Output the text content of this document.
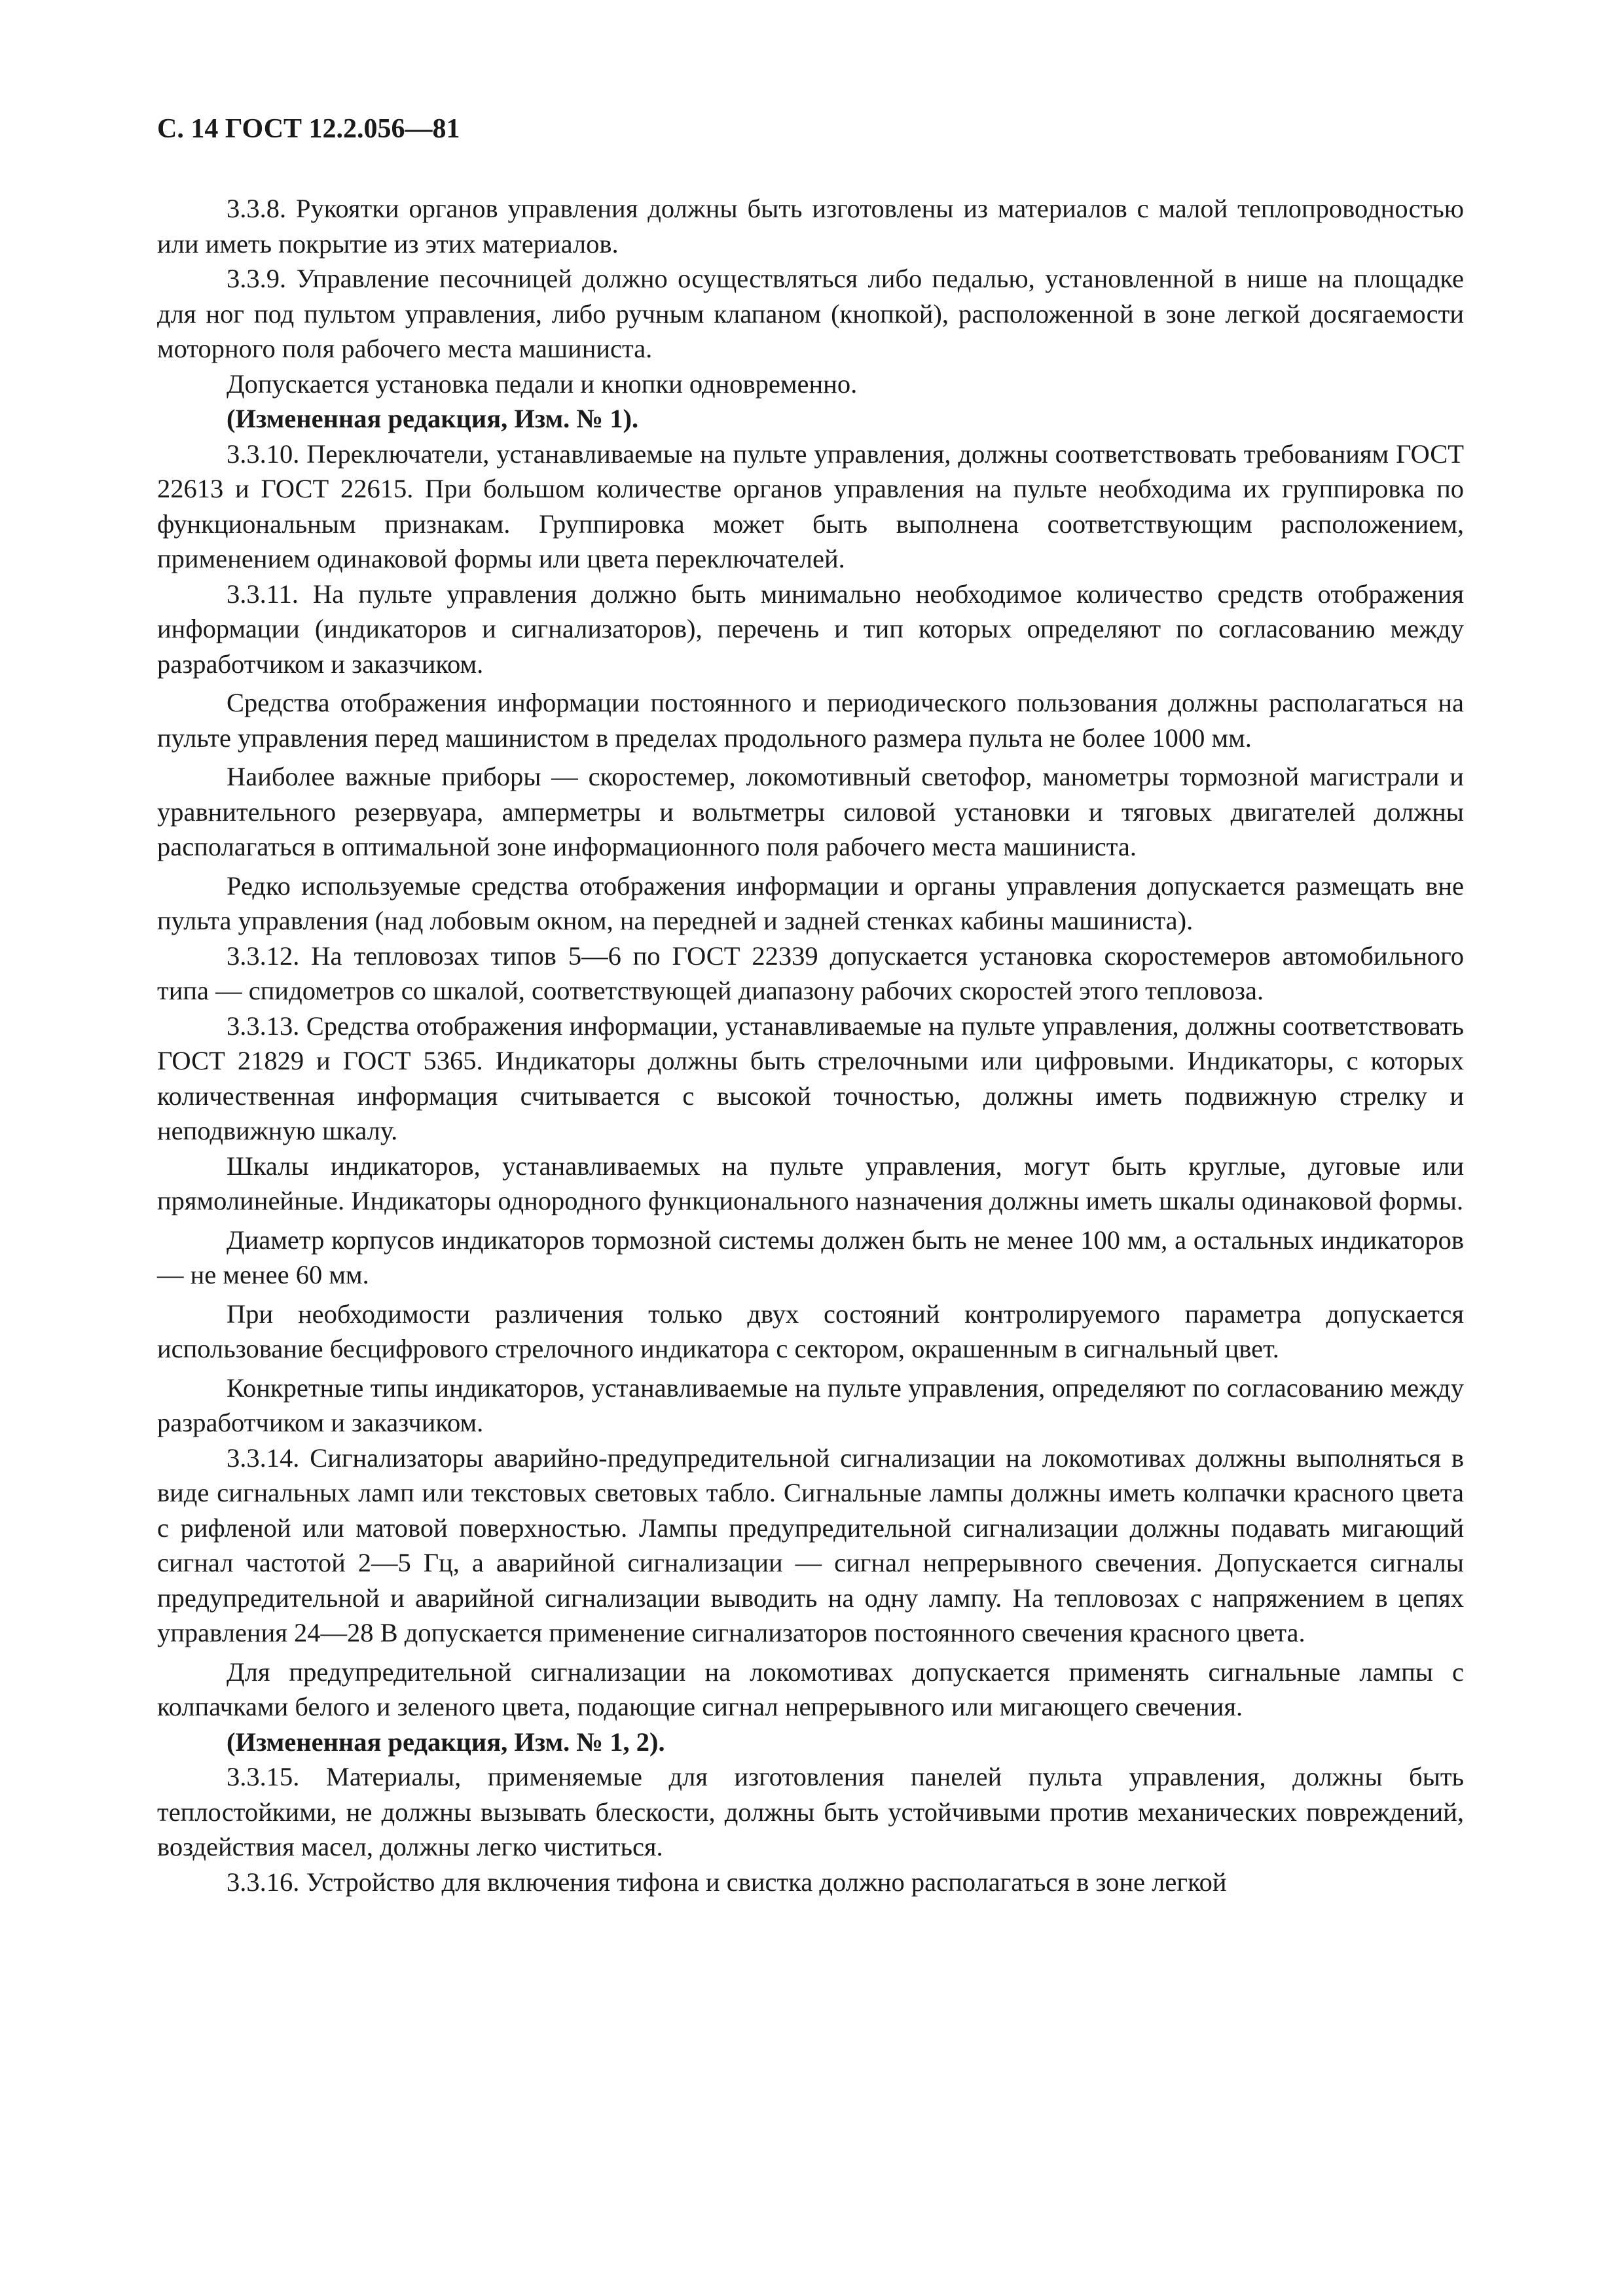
С. 14 ГОСТ 12.2.056—81

3.3.8. Рукоятки органов управления должны быть изготовлены из материалов с малой теплопроводностью или иметь покрытие из этих материалов.

3.3.9. Управление песочницей должно осуществляться либо педалью, установленной в нише на площадке для ног под пультом управления, либо ручным клапаном (кнопкой), расположенной в зоне легкой досягаемости моторного поля рабочего места машиниста.

Допускается установка педали и кнопки одновременно.

(Измененная редакция, Изм. № 1).

3.3.10. Переключатели, устанавливаемые на пульте управления, должны соответствовать требованиям ГОСТ 22613 и ГОСТ 22615. При большом количестве органов управления на пульте необходима их группировка по функциональным признакам. Группировка может быть выполнена соответствующим расположением, применением одинаковой формы или цвета переключателей.

3.3.11. На пульте управления должно быть минимально необходимое количество средств отображения информации (индикаторов и сигнализаторов), перечень и тип которых определяют по согласованию между разработчиком и заказчиком.

Средства отображения информации постоянного и периодического пользования должны располагаться на пульте управления перед машинистом в пределах продольного размера пульта не более 1000 мм.

Наиболее важные приборы — скоростемер, локомотивный светофор, манометры тормозной магистрали и уравнительного резервуара, амперметры и вольтметры силовой установки и тяговых двигателей должны располагаться в оптимальной зоне информационного поля рабочего места машиниста.

Редко используемые средства отображения информации и органы управления допускается размещать вне пульта управления (над лобовым окном, на передней и задней стенках кабины машиниста).

3.3.12. На тепловозах типов 5—6 по ГОСТ 22339 допускается установка скоростемеров автомобильного типа — спидометров со шкалой, соответствующей диапазону рабочих скоростей этого тепловоза.

3.3.13. Средства отображения информации, устанавливаемые на пульте управления, должны соответствовать ГОСТ 21829 и ГОСТ 5365. Индикаторы должны быть стрелочными или цифровыми. Индикаторы, с которых количественная информация считывается с высокой точностью, должны иметь подвижную стрелку и неподвижную шкалу.

Шкалы индикаторов, устанавливаемых на пульте управления, могут быть круглые, дуговые или прямолинейные. Индикаторы однородного функционального назначения должны иметь шкалы одинаковой формы.

Диаметр корпусов индикаторов тормозной системы должен быть не менее 100 мм, а остальных индикаторов — не менее 60 мм.

При необходимости различения только двух состояний контролируемого параметра допускается использование бесцифрового стрелочного индикатора с сектором, окрашенным в сигнальный цвет.

Конкретные типы индикаторов, устанавливаемые на пульте управления, определяют по согласованию между разработчиком и заказчиком.

3.3.14. Сигнализаторы аварийно-предупредительной сигнализации на локомотивах должны выполняться в виде сигнальных ламп или текстовых световых табло. Сигнальные лампы должны иметь колпачки красного цвета с рифленой или матовой поверхностью. Лампы предупредительной сигнализации должны подавать мигающий сигнал частотой 2—5 Гц, а аварийной сигнализации — сигнал непрерывного свечения. Допускается сигналы предупредительной и аварийной сигнализации выводить на одну лампу. На тепловозах с напряжением в цепях управления 24—28 В допускается применение сигнализаторов постоянного свечения красного цвета.

Для предупредительной сигнализации на локомотивах допускается применять сигнальные лампы с колпачками белого и зеленого цвета, подающие сигнал непрерывного или мигающего свечения.

(Измененная редакция, Изм. № 1, 2).

3.3.15. Материалы, применяемые для изготовления панелей пульта управления, должны быть теплостойкими, не должны вызывать блескости, должны быть устойчивыми против механических повреждений, воздействия масел, должны легко чиститься.

3.3.16. Устройство для включения тифона и свистка должно располагаться в зоне легкой
